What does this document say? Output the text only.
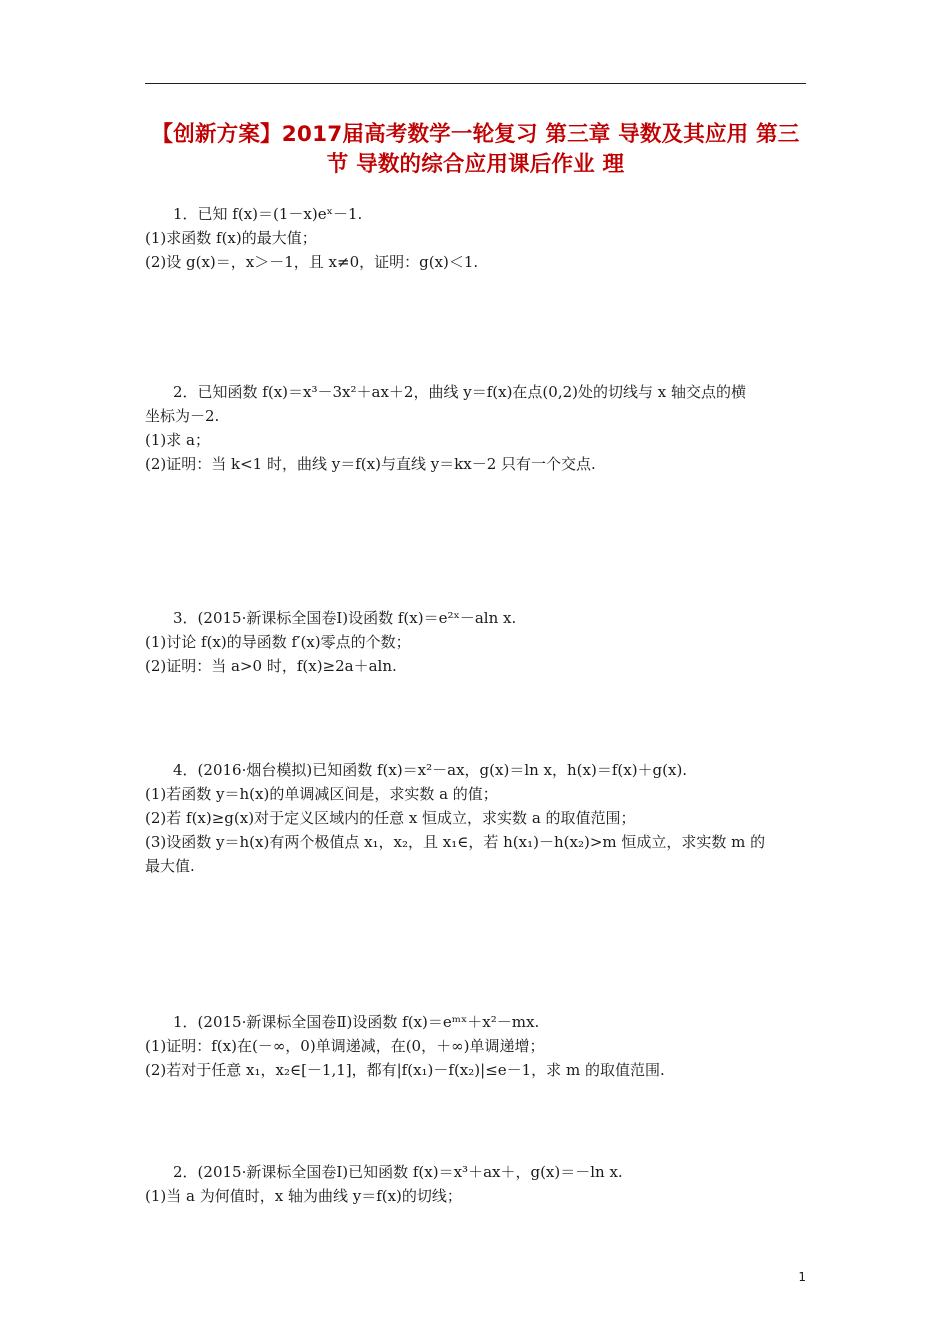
【创新方案】2017届高考数学一轮复习 第三章 导数及其应用 第三
节 导数的综合应用课后作业 理
1．已知 f(x)＝(1－x)eˣ－1.
(1)求函数 f(x)的最大值；
(2)设 g(x)＝，x＞－1，且 x≠0，证明：g(x)＜1.
2．已知函数 f(x)＝x³－3x²＋ax＋2，曲线 y＝f(x)在点(0,2)处的切线与 x 轴交点的横
坐标为－2.
(1)求 a；
(2)证明：当 k<1 时，曲线 y＝f(x)与直线 y＝kx－2 只有一个交点.
3．(2015·新课标全国卷Ⅰ)设函数 f(x)＝e²ˣ－aln x.
(1)讨论 f(x)的导函数 f′(x)零点的个数；
(2)证明：当 a>0 时，f(x)≥2a＋aln.
4．(2016·烟台模拟)已知函数 f(x)＝x²－ax，g(x)＝ln x，h(x)＝f(x)＋g(x).
(1)若函数 y＝h(x)的单调减区间是，求实数 a 的值；
(2)若 f(x)≥g(x)对于定义区域内的任意 x 恒成立，求实数 a 的取值范围；
(3)设函数 y＝h(x)有两个极值点 x₁，x₂，且 x₁∈，若 h(x₁)－h(x₂)>m 恒成立，求实数 m 的
最大值.
1．(2015·新课标全国卷Ⅱ)设函数 f(x)＝eᵐˣ＋x²－mx.
(1)证明：f(x)在(－∞，0)单调递减，在(0，＋∞)单调递增；
(2)若对于任意 x₁，x₂∈[－1,1]，都有|f(x₁)－f(x₂)|≤e－1，求 m 的取值范围.
2．(2015·新课标全国卷Ⅰ)已知函数 f(x)＝x³＋ax＋，g(x)＝－ln x.
(1)当 a 为何值时，x 轴为曲线 y＝f(x)的切线；
1
